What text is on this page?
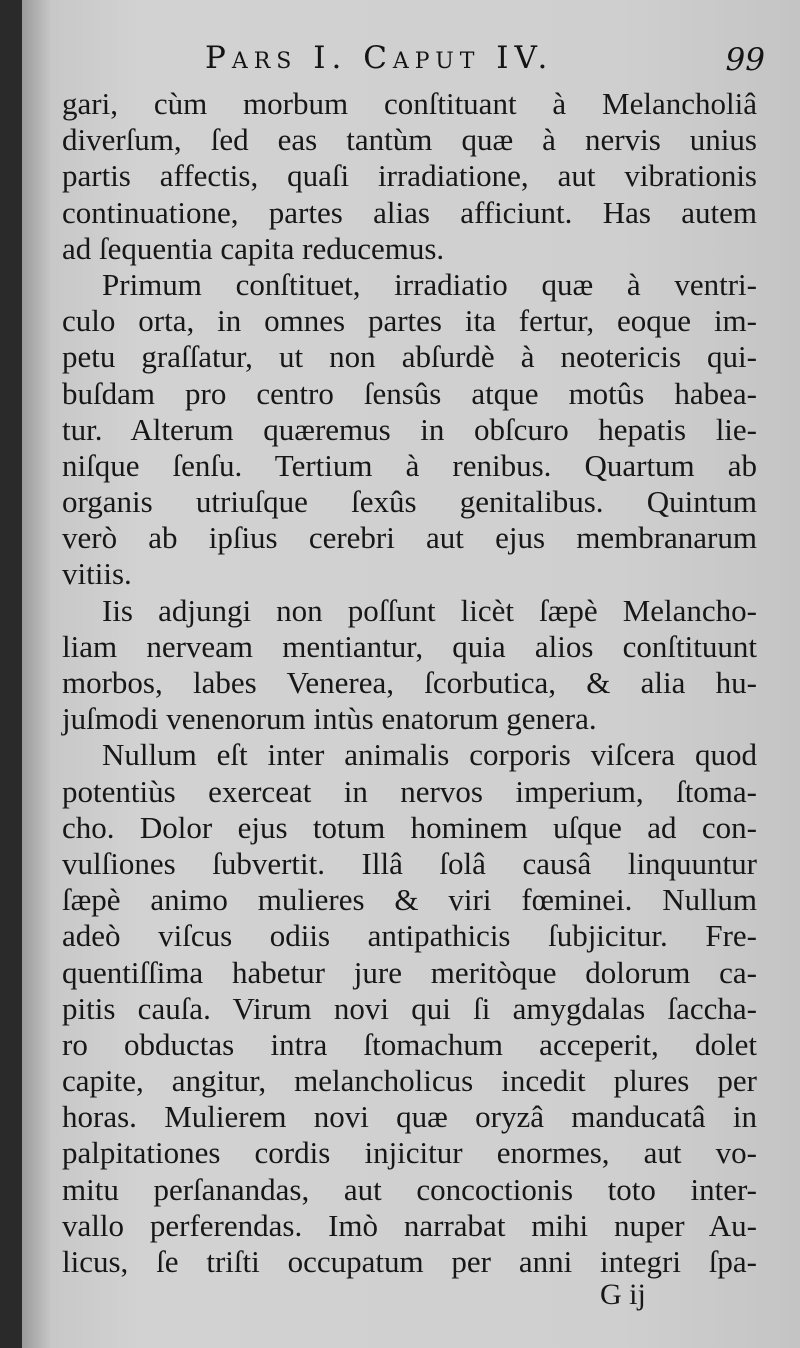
Pars I. Caput IV.	99
gari, cùm morbum conſtituant à Melancholiâ
diverſum, ſed eas tantùm quæ à nervis unius
partis affectis, quaſi irradiatione, aut vibrationis
continuatione, partes alias afficiunt. Has autem
ad ſequentia capita reducemus.
Primum conſtituet, irradiatio quæ à ventri-
culo orta, in omnes partes ita fertur, eoque im-
petu graſſatur, ut non abſurdè à neotericis qui-
buſdam pro centro ſensûs atque motûs habea-
tur. Alterum quæremus in obſcuro hepatis lie-
niſque ſenſu. Tertium à renibus. Quartum ab
organis utriuſque ſexûs genitalibus. Quintum
verò ab ipſius cerebri aut ejus membranarum
vitiis.
Iis adjungi non poſſunt licèt ſæpè Melancho-
liam nerveam mentiantur, quia alios conſtituunt
morbos, labes Venerea, ſcorbutica, & alia hu-
juſmodi venenorum intùs enatorum genera.
Nullum eſt inter animalis corporis viſcera quod
potentiùs exerceat in nervos imperium, ſtoma-
cho. Dolor ejus totum hominem uſque ad con-
vulſiones ſubvertit. Illâ ſolâ causâ linquuntur
ſæpè animo mulieres & viri fœminei. Nullum
adeò viſcus odiis antipathicis ſubjicitur. Fre-
quentiſſima habetur jure meritòque dolorum ca-
pitis cauſa. Virum novi qui ſi amygdalas ſaccha-
ro obductas intra ſtomachum acceperit, dolet
capite, angitur, melancholicus incedit plures per
horas. Mulierem novi quæ oryzâ manducatâ in
palpitationes cordis injicitur enormes, aut vo-
mitu perſanandas, aut concoctionis toto inter-
vallo perferendas. Imò narrabat mihi nuper Au-
licus, ſe triſti occupatum per anni integri ſpa-
G ij
